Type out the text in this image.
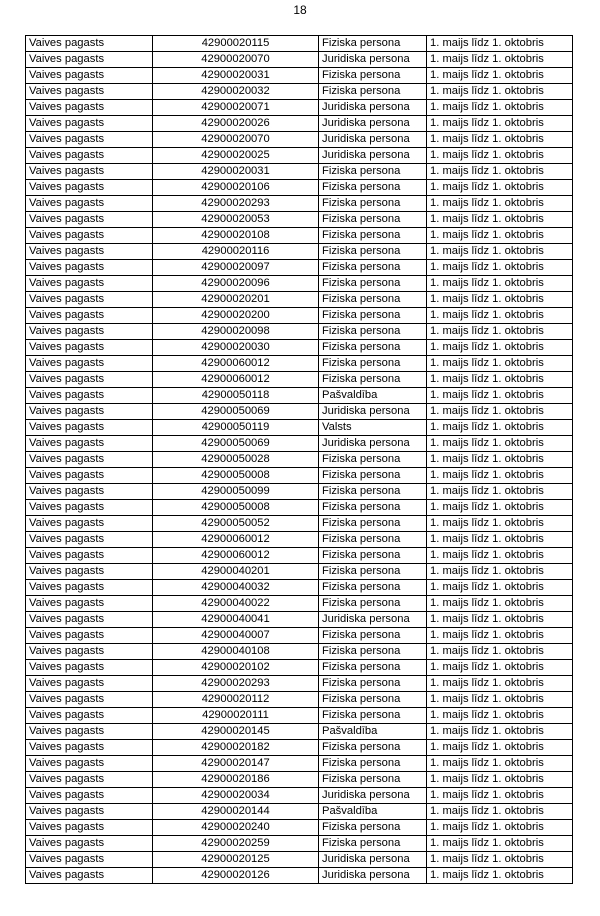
18
Vaives pagasts	42900020115	Fiziska persona	1. maijs līdz 1. oktobris
Vaives pagasts	42900020070	Juridiska persona	1. maijs līdz 1. oktobris
Vaives pagasts	42900020031	Fiziska persona	1. maijs līdz 1. oktobris
Vaives pagasts	42900020032	Fiziska persona	1. maijs līdz 1. oktobris
Vaives pagasts	42900020071	Juridiska persona	1. maijs līdz 1. oktobris
Vaives pagasts	42900020026	Juridiska persona	1. maijs līdz 1. oktobris
Vaives pagasts	42900020070	Juridiska persona	1. maijs līdz 1. oktobris
Vaives pagasts	42900020025	Juridiska persona	1. maijs līdz 1. oktobris
Vaives pagasts	42900020031	Fiziska persona	1. maijs līdz 1. oktobris
Vaives pagasts	42900020106	Fiziska persona	1. maijs līdz 1. oktobris
Vaives pagasts	42900020293	Fiziska persona	1. maijs līdz 1. oktobris
Vaives pagasts	42900020053	Fiziska persona	1. maijs līdz 1. oktobris
Vaives pagasts	42900020108	Fiziska persona	1. maijs līdz 1. oktobris
Vaives pagasts	42900020116	Fiziska persona	1. maijs līdz 1. oktobris
Vaives pagasts	42900020097	Fiziska persona	1. maijs līdz 1. oktobris
Vaives pagasts	42900020096	Fiziska persona	1. maijs līdz 1. oktobris
Vaives pagasts	42900020201	Fiziska persona	1. maijs līdz 1. oktobris
Vaives pagasts	42900020200	Fiziska persona	1. maijs līdz 1. oktobris
Vaives pagasts	42900020098	Fiziska persona	1. maijs līdz 1. oktobris
Vaives pagasts	42900020030	Fiziska persona	1. maijs līdz 1. oktobris
Vaives pagasts	42900060012	Fiziska persona	1. maijs līdz 1. oktobris
Vaives pagasts	42900060012	Fiziska persona	1. maijs līdz 1. oktobris
Vaives pagasts	42900050118	Pašvaldība	1. maijs līdz 1. oktobris
Vaives pagasts	42900050069	Juridiska persona	1. maijs līdz 1. oktobris
Vaives pagasts	42900050119	Valsts	1. maijs līdz 1. oktobris
Vaives pagasts	42900050069	Juridiska persona	1. maijs līdz 1. oktobris
Vaives pagasts	42900050028	Fiziska persona	1. maijs līdz 1. oktobris
Vaives pagasts	42900050008	Fiziska persona	1. maijs līdz 1. oktobris
Vaives pagasts	42900050099	Fiziska persona	1. maijs līdz 1. oktobris
Vaives pagasts	42900050008	Fiziska persona	1. maijs līdz 1. oktobris
Vaives pagasts	42900050052	Fiziska persona	1. maijs līdz 1. oktobris
Vaives pagasts	42900060012	Fiziska persona	1. maijs līdz 1. oktobris
Vaives pagasts	42900060012	Fiziska persona	1. maijs līdz 1. oktobris
Vaives pagasts	42900040201	Fiziska persona	1. maijs līdz 1. oktobris
Vaives pagasts	42900040032	Fiziska persona	1. maijs līdz 1. oktobris
Vaives pagasts	42900040022	Fiziska persona	1. maijs līdz 1. oktobris
Vaives pagasts	42900040041	Juridiska persona	1. maijs līdz 1. oktobris
Vaives pagasts	42900040007	Fiziska persona	1. maijs līdz 1. oktobris
Vaives pagasts	42900040108	Fiziska persona	1. maijs līdz 1. oktobris
Vaives pagasts	42900020102	Fiziska persona	1. maijs līdz 1. oktobris
Vaives pagasts	42900020293	Fiziska persona	1. maijs līdz 1. oktobris
Vaives pagasts	42900020112	Fiziska persona	1. maijs līdz 1. oktobris
Vaives pagasts	42900020111	Fiziska persona	1. maijs līdz 1. oktobris
Vaives pagasts	42900020145	Pašvaldība	1. maijs līdz 1. oktobris
Vaives pagasts	42900020182	Fiziska persona	1. maijs līdz 1. oktobris
Vaives pagasts	42900020147	Fiziska persona	1. maijs līdz 1. oktobris
Vaives pagasts	42900020186	Fiziska persona	1. maijs līdz 1. oktobris
Vaives pagasts	42900020034	Juridiska persona	1. maijs līdz 1. oktobris
Vaives pagasts	42900020144	Pašvaldība	1. maijs līdz 1. oktobris
Vaives pagasts	42900020240	Fiziska persona	1. maijs līdz 1. oktobris
Vaives pagasts	42900020259	Fiziska persona	1. maijs līdz 1. oktobris
Vaives pagasts	42900020125	Juridiska persona	1. maijs līdz 1. oktobris
Vaives pagasts	42900020126	Juridiska persona	1. maijs līdz 1. oktobris
